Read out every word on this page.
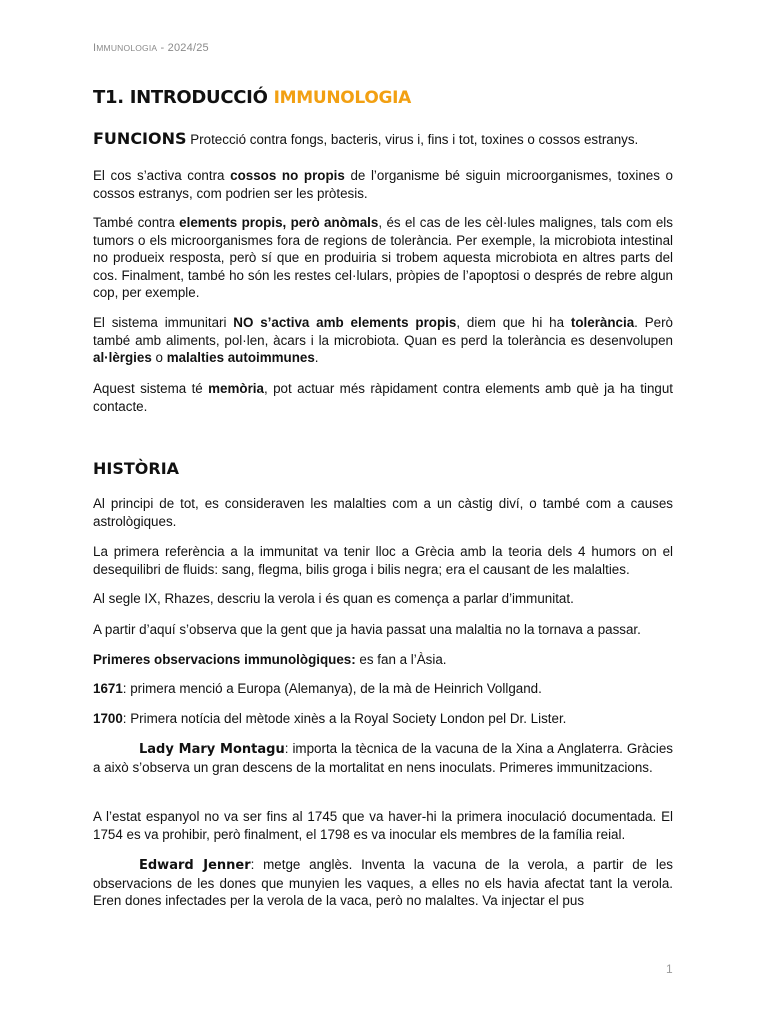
IMMUNOLOGIA - 2024/25
T1. INTRODUCCIÓ IMMUNOLOGIA

FUNCIONS Protecció contra fongs, bacteris, virus i, fins i tot, toxines o cossos estranys.

El cos s’activa contra cossos no propis de l’organisme bé siguin microorganismes, toxines o cossos estranys, com podrien ser les pròtesis.

També contra elements propis, però anòmals, és el cas de les cèl·lules malignes, tals com els tumors o els microorganismes fora de regions de tolerància. Per exemple, la microbiota intestinal no produeix resposta, però sí que en produiria si trobem aquesta microbiota en altres parts del cos. Finalment, també ho són les restes cel·lulars, pròpies de l’apoptosi o després de rebre algun cop, per exemple.

El sistema immunitari NO s’activa amb elements propis, diem que hi ha tolerància. Però també amb aliments, pol·len, àcars i la microbiota. Quan es perd la tolerància es desenvolupen al·lèrgies o malalties autoimmunes.

Aquest sistema té memòria, pot actuar més ràpidament contra elements amb què ja ha tingut contacte.

HISTÒRIA

Al principi de tot, es consideraven les malalties com a un càstig diví, o també com a causes astrològiques.

La primera referència a la immunitat va tenir lloc a Grècia amb la teoria dels 4 humors on el desequilibri de fluids: sang, flegma, bilis groga i bilis negra; era el causant de les malalties.

Al segle IX, Rhazes, descriu la verola i és quan es comença a parlar d’immunitat.

A partir d’aquí s’observa que la gent que ja havia passat una malaltia no la tornava a passar.

Primeres observacions immunològiques: es fan a l’Àsia.

1671: primera menció a Europa (Alemanya), de la mà de Heinrich Vollgand.

1700: Primera notícia del mètode xinès a la Royal Society London pel Dr. Lister.

Lady Mary Montagu: importa la tècnica de la vacuna de la Xina a Anglaterra. Gràcies a això s’observa un gran descens de la mortalitat en nens inoculats. Primeres immunitzacions.

A l’estat espanyol no va ser fins al 1745 que va haver-hi la primera inoculació documentada. El 1754 es va prohibir, però finalment, el 1798 es va inocular els membres de la família reial.

Edward Jenner: metge anglès. Inventa la vacuna de la verola, a partir de les observacions de les dones que munyien les vaques, a elles no els havia afectat tant la verola. Eren dones infectades per la verola de la vaca, però no malaltes. Va injectar el pus

1
